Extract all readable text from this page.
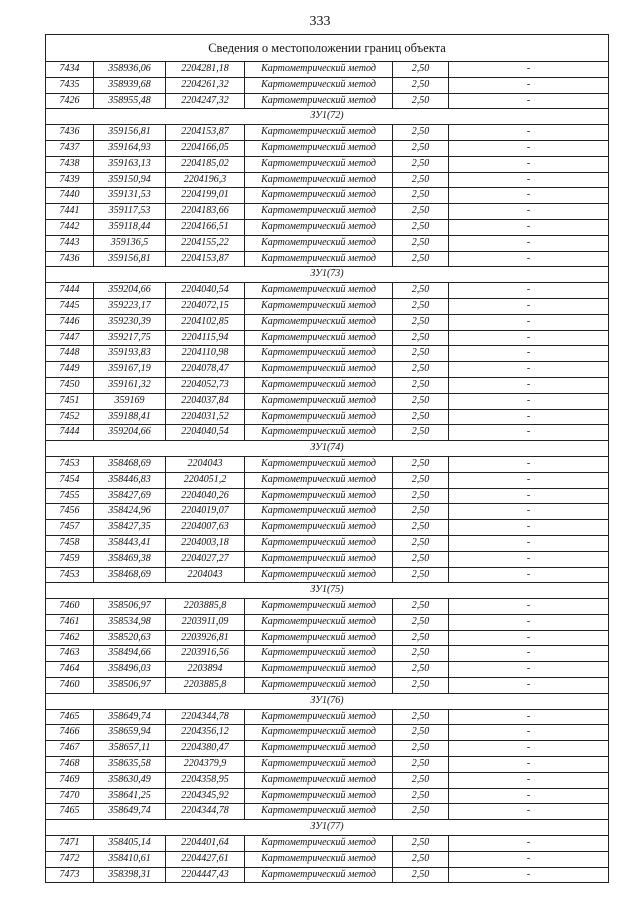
333
Сведения о местоположении границ объекта					
7434	358936,06	2204281,18	Картометрический метод	2,50	-
7435	358939,68	2204261,32	Картометрический метод	2,50	-
7426	358955,48	2204247,32	Картометрический метод	2,50	-
ЗУ1(72)					
7436	359156,81	2204153,87	Картометрический метод	2,50	-
7437	359164,93	2204166,05	Картометрический метод	2,50	-
7438	359163,13	2204185,02	Картометрический метод	2,50	-
7439	359150,94	2204196,3	Картометрический метод	2,50	-
7440	359131,53	2204199,01	Картометрический метод	2,50	-
7441	359117,53	2204183,66	Картометрический метод	2,50	-
7442	359118,44	2204166,51	Картометрический метод	2,50	-
7443	359136,5	2204155,22	Картометрический метод	2,50	-
7436	359156,81	2204153,87	Картометрический метод	2,50	-
ЗУ1(73)					
7444	359204,66	2204040,54	Картометрический метод	2,50	-
7445	359223,17	2204072,15	Картометрический метод	2,50	-
7446	359230,39	2204102,85	Картометрический метод	2,50	-
7447	359217,75	2204115,94	Картометрический метод	2,50	-
7448	359193,83	2204110,98	Картометрический метод	2,50	-
7449	359167,19	2204078,47	Картометрический метод	2,50	-
7450	359161,32	2204052,73	Картометрический метод	2,50	-
7451	359169	2204037,84	Картометрический метод	2,50	-
7452	359188,41	2204031,52	Картометрический метод	2,50	-
7444	359204,66	2204040,54	Картометрический метод	2,50	-
ЗУ1(74)					
7453	358468,69	2204043	Картометрический метод	2,50	-
7454	358446,83	2204051,2	Картометрический метод	2,50	-
7455	358427,69	2204040,26	Картометрический метод	2,50	-
7456	358424,96	2204019,07	Картометрический метод	2,50	-
7457	358427,35	2204007,63	Картометрический метод	2,50	-
7458	358443,41	2204003,18	Картометрический метод	2,50	-
7459	358469,38	2204027,27	Картометрический метод	2,50	-
7453	358468,69	2204043	Картометрический метод	2,50	-
ЗУ1(75)					
7460	358506,97	2203885,8	Картометрический метод	2,50	-
7461	358534,98	2203911,09	Картометрический метод	2,50	-
7462	358520,63	2203926,81	Картометрический метод	2,50	-
7463	358494,66	2203916,56	Картометрический метод	2,50	-
7464	358496,03	2203894	Картометрический метод	2,50	-
7460	358506,97	2203885,8	Картометрический метод	2,50	-
ЗУ1(76)					
7465	358649,74	2204344,78	Картометрический метод	2,50	-
7466	358659,94	2204356,12	Картометрический метод	2,50	-
7467	358657,11	2204380,47	Картометрический метод	2,50	-
7468	358635,58	2204379,9	Картометрический метод	2,50	-
7469	358630,49	2204358,95	Картометрический метод	2,50	-
7470	358641,25	2204345,92	Картометрический метод	2,50	-
7465	358649,74	2204344,78	Картометрический метод	2,50	-
ЗУ1(77)					
7471	358405,14	2204401,64	Картометрический метод	2,50	-
7472	358410,61	2204427,61	Картометрический метод	2,50	-
7473	358398,31	2204447,43	Картометрический метод	2,50	-
